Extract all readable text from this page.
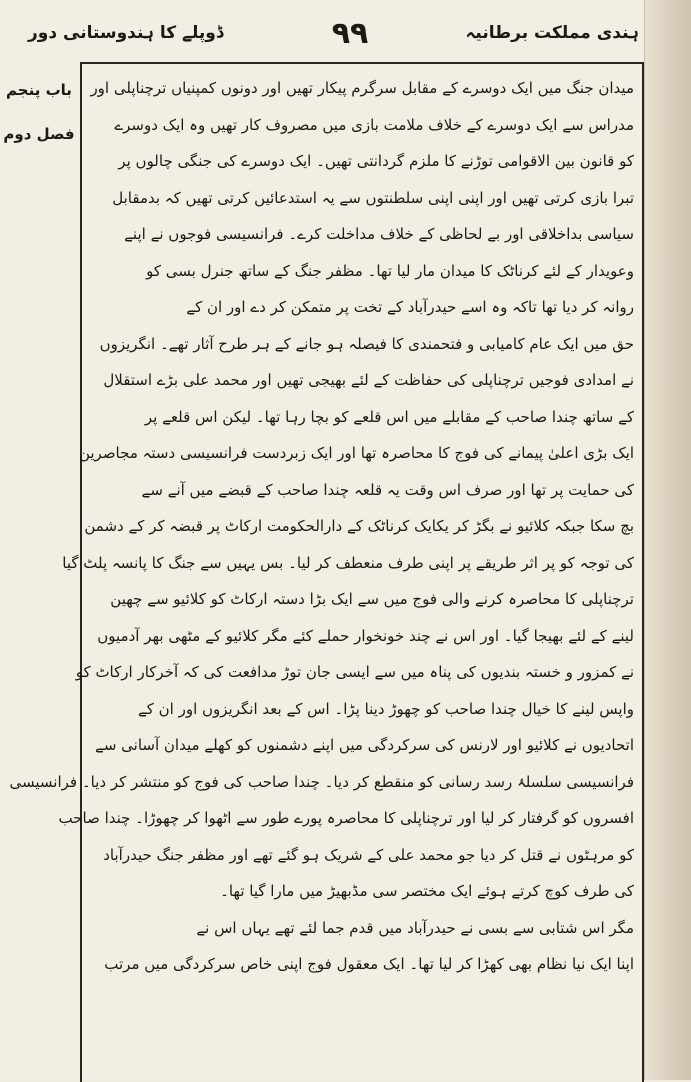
ہندی مملکت برطانیہ
۹۹
ڈوپلے کا ہندوستانی دور
باب پنجم
فصل دوم
میدان جنگ میں ایک دوسرے کے مقابل سرگرم پیکار تھیں اور دونوں کمپنیاں ترچناپلی اور
مدراس سے ایک دوسرے کے خلاف ملامت بازی میں مصروف کار تھیں وہ ایک دوسرے
کو قانون بین الاقوامی توڑنے کا ملزم گردانتی تھیں۔ ایک دوسرے کی جنگی چالوں پر
تبرا بازی کرتی تھیں اور اپنی اپنی سلطنتوں سے یہ استدعائیں کرتی تھیں کہ بدمقابل
سیاسی بداخلاقی اور بے لحاظی کے خلاف مداخلت کرے۔ فرانسیسی فوجوں نے اپنے
وعویدار کے لئے کرناٹک کا میدان مار لیا تھا۔ مظفر جنگ کے ساتھ جنرل بسی کو
روانہ کر دیا تھا تاکہ وہ اسے حیدرآباد کے تخت پر متمکن کر دے اور ان کے
حق میں ایک عام کامیابی و فتحمندی کا فیصلہ ہو جانے کے ہر طرح آثار تھے۔ انگریزوں
نے امدادی فوجیں ترچناپلی کی حفاظت کے لئے بھیجی تھیں اور محمد علی بڑے استقلال
کے ساتھ چندا صاحب کے مقابلے میں اس قلعے کو بچا رہا تھا۔ لیکن اس قلعے پر
ایک بڑی اعلیٰ پیمانے کی فوج کا محاصرہ تھا اور ایک زبردست فرانسیسی دستہ مجاصرین
کی حمایت پر تھا اور صرف اس وقت یہ قلعہ چندا صاحب کے قبضے میں آنے سے
بچ سکا جبکہ کلائیو نے بگڑ کر یکایک کرناٹک کے دارالحکومت ارکاٹ پر قبضہ کر کے دشمن
کی توجہ کو پر اثر طریقے پر اپنی طرف منعطف کر لیا۔ بس یہیں سے جنگ کا پانسہ پلٹ گیا
ترچناپلی کا محاصرہ کرنے والی فوج میں سے ایک بڑا دستہ ارکاٹ کو کلائیو سے چھین
لینے کے لئے بھیجا گیا۔ اور اس نے چند خونخوار حملے کئے مگر کلائیو کے مٹھی بھر آدمیوں
نے کمزور و خستہ بندیوں کی پناہ میں سے ایسی جان توڑ مدافعت کی کہ آخرکار ارکاٹ کو
واپس لینے کا خیال چندا صاحب کو چھوڑ دینا پڑا۔ اس کے بعد انگریزوں اور ان کے
اتحادیوں نے کلائیو اور لارنس کی سرکردگی میں اپنے دشمنوں کو کھلے میدان آسانی سے
فرانسیسی سلسلۂ رسد رسانی کو منقطع کر دیا۔ چندا صاحب کی فوج کو منتشر کر دیا۔ فرانسیسی
افسروں کو گرفتار کر لیا اور ترچناپلی کا محاصرہ پورے طور سے اٹھوا کر چھوڑا۔ چندا صاحب
کو مرہٹوں نے قتل کر دیا جو محمد علی کے شریک ہو گئے تھے اور مظفر جنگ حیدرآباد
کی طرف کوچ کرتے ہوئے ایک مختصر سی مڈبھیڑ میں مارا گیا تھا۔
مگر اس شتابی سے بسی نے حیدرآباد میں قدم جما لئے تھے یہاں اس نے
اپنا ایک نیا نظام بھی کھڑا کر لیا تھا۔ ایک معقول فوج اپنی خاص سرکردگی میں مرتب
